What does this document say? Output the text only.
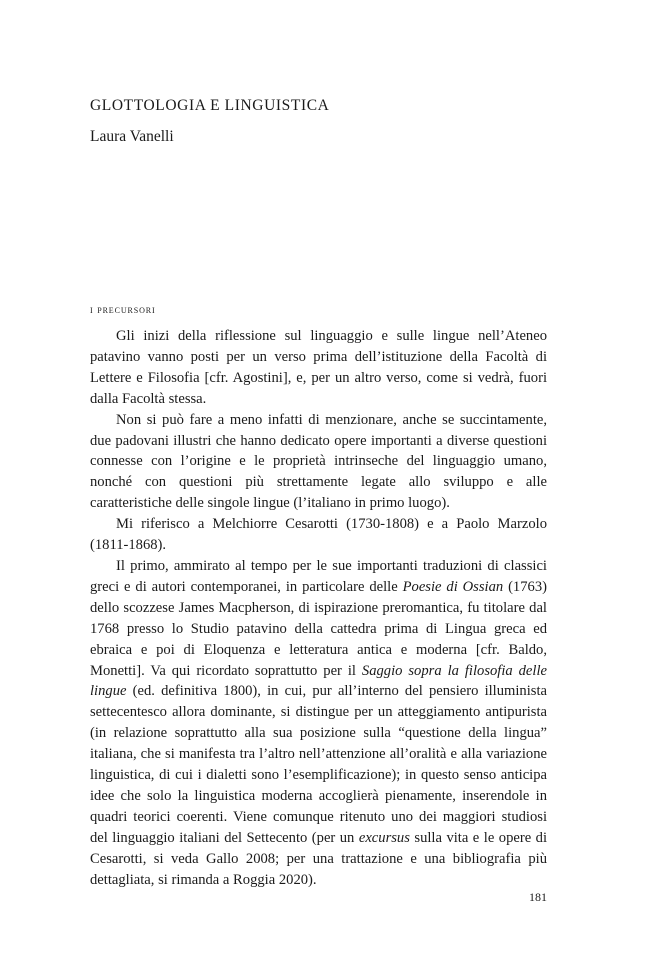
GLOTTOLOGIA E LINGUISTICA
Laura Vanelli
i precursori

Gli inizi della riflessione sul linguaggio e sulle lingue nell’Ateneo patavino vanno posti per un verso prima dell’istituzione della Facoltà di Lettere e Filosofia [cfr. Agostini], e, per un altro verso, come si vedrà, fuori dalla Facoltà stessa.

Non si può fare a meno infatti di menzionare, anche se succintamente, due padovani illustri che hanno dedicato opere importanti a diverse questioni connesse con l’origine e le proprietà intrinseche del linguaggio umano, nonché con questioni più strettamente legate allo sviluppo e alle caratteristiche delle singole lingue (l’italiano in primo luogo).

Mi riferisco a Melchiorre Cesarotti (1730-1808) e a Paolo Marzolo (1811-1868).

Il primo, ammirato al tempo per le sue importanti traduzioni di classici greci e di autori contemporanei, in particolare delle Poesie di Ossian (1763) dello scozzese James Macpherson, di ispirazione preromantica, fu titolare dal 1768 presso lo Studio patavino della cattedra prima di Lingua greca ed ebraica e poi di Eloquenza e letteratura antica e moderna [cfr. Baldo, Monetti]. Va qui ricordato soprattutto per il Saggio sopra la filosofia delle lingue (ed. definitiva 1800), in cui, pur all’interno del pensiero illuminista settecentesco allora dominante, si distingue per un atteggiamento antipurista (in relazione soprattutto alla sua posizione sulla “questione della lingua” italiana, che si manifesta tra l’altro nell’attenzione all’oralità e alla variazione linguistica, di cui i dialetti sono l’esemplificazione); in questo senso anticipa idee che solo la linguistica moderna accoglierà pienamente, inserendole in quadri teorici coerenti. Viene comunque ritenuto uno dei maggiori studiosi del linguaggio italiani del Settecento (per un excursus sulla vita e le opere di Cesarotti, si veda Gallo 2008; per una trattazione e una bibliografia più dettagliata, si rimanda a Roggia 2020).

181
